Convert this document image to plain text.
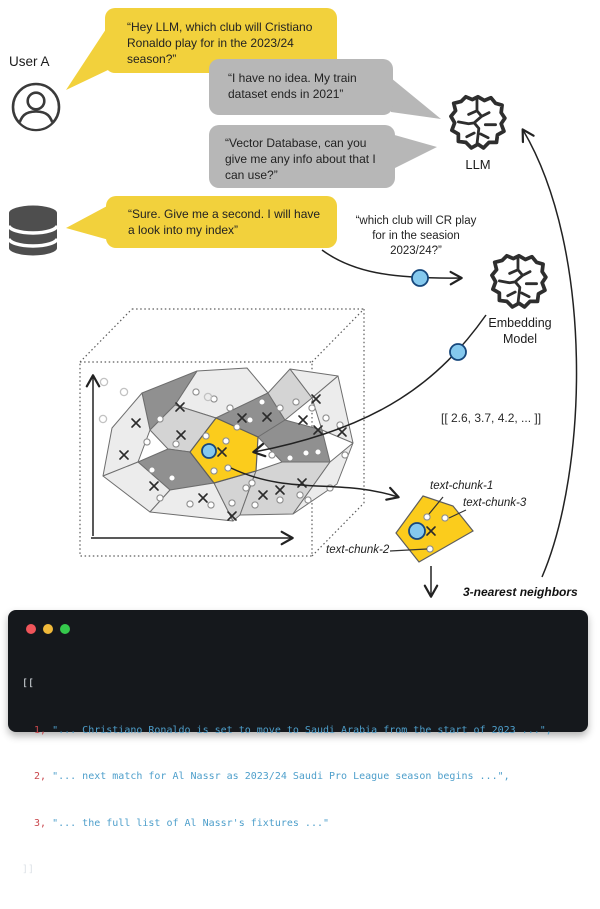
User A
“Hey LLM, which club will Cristiano Ronaldo play for in the 2023/24 season?”
“I have no idea. My train dataset ends in 2021”
“Vector Database, can you give me any info about that I can use?”
“Sure. Give me a second. I will have a look into my index”
LLM
Embedding Model
“which club will CR play for in the seasion 2023/24?”
[[ 2.6, 3.7, 4.2, ... ]]
text-chunk-1
text-chunk-3
text-chunk-2
3-nearest neighbors

[[

1, "... Christiano Ronaldo is set to move to Saudi Arabia from the start of 2023 ...",

2, "... next match for Al Nassr as 2023/24 Saudi Pro League season begins ...",

3, "... the full list of Al Nassr's fixtures ..."

]]
